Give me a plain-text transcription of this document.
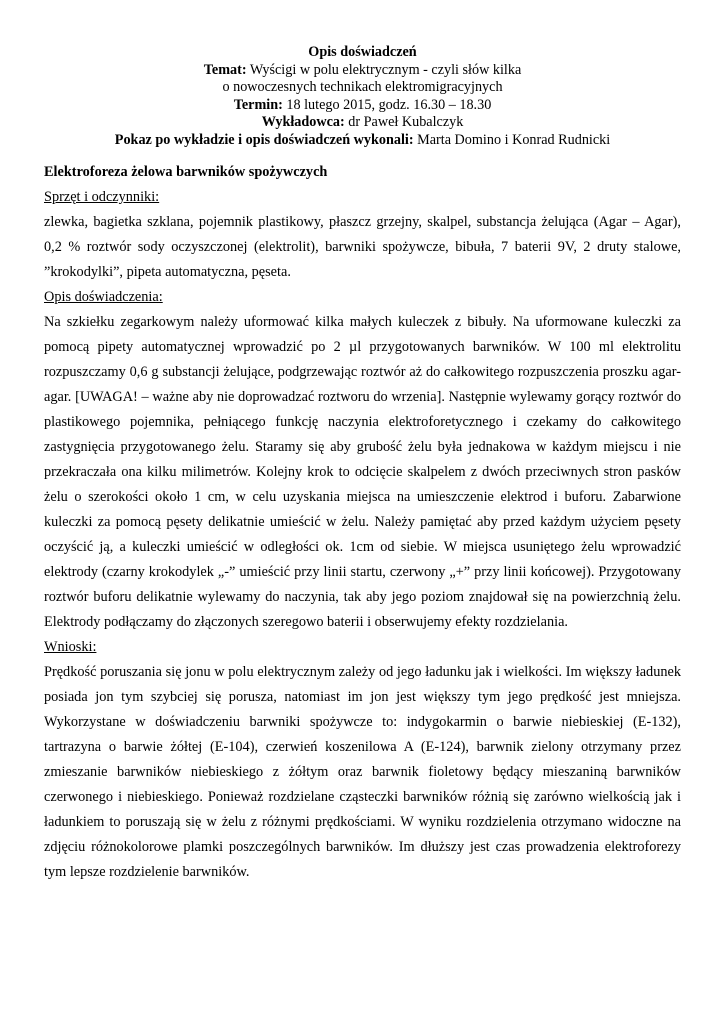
Opis doświadczeń

Temat: Wyścigi w polu elektrycznym - czyli słów kilka

o nowoczesnych technikach elektromigracyjnych

Termin: 18 lutego 2015, godz. 16.30 – 18.30

Wykładowca: dr Paweł Kubalczyk

Pokaz po wykładzie i opis doświadczeń wykonali: Marta Domino i Konrad Rudnicki

Elektroforeza żelowa barwników spożywczych

Sprzęt i odczynniki:

zlewka, bagietka szklana, pojemnik plastikowy, płaszcz grzejny, skalpel, substancja żelująca (Agar – Agar), 0,2 % roztwór sody oczyszczonej (elektrolit), barwniki spożywcze, bibuła, 7 baterii 9V, 2 druty stalowe, ”krokodylki”, pipeta automatyczna, pęseta.

Opis doświadczenia:

Na szkiełku zegarkowym należy uformować kilka małych kuleczek z bibuły. Na uformowane kuleczki za pomocą pipety automatycznej wprowadzić po 2 µl przygotowanych barwników. W 100 ml elektrolitu rozpuszczamy 0,6 g substancji żelujące, podgrzewając roztwór aż do całkowitego rozpuszczenia proszku agar-agar. [UWAGA! – ważne aby nie doprowadzać roztworu do wrzenia]. Następnie wylewamy gorący roztwór do plastikowego pojemnika, pełniącego funkcję naczynia elektroforetycznego i czekamy do całkowitego zastygnięcia przygotowanego żelu. Staramy się aby grubość żelu była jednakowa w każdym miejscu i nie przekraczała ona kilku milimetrów. Kolejny krok to odcięcie skalpelem z dwóch przeciwnych stron pasków żelu o szerokości około 1 cm, w celu uzyskania miejsca na umieszczenie elektrod i buforu. Zabarwione kuleczki za pomocą pęsety delikatnie umieścić w żelu. Należy pamiętać aby przed każdym użyciem pęsety oczyścić ją, a kuleczki umieścić w odległości ok. 1cm od siebie. W miejsca usuniętego żelu wprowadzić elektrody (czarny krokodylek „-” umieścić przy linii startu, czerwony „+” przy linii końcowej). Przygotowany roztwór buforu delikatnie wylewamy do naczynia, tak aby jego poziom znajdował się na powierzchnią żelu. Elektrody podłączamy do złączonych szeregowo baterii i obserwujemy efekty rozdzielania.

Wnioski:

Prędkość poruszania się jonu w polu elektrycznym zależy od jego ładunku jak i wielkości. Im większy ładunek posiada jon tym szybciej się porusza, natomiast im jon jest większy tym jego prędkość jest mniejsza. Wykorzystane w doświadczeniu barwniki spożywcze to: indygokarmin o barwie niebieskiej (E-132), tartrazyna o barwie żółtej (E-104), czerwień koszenilowa A (E-124), barwnik zielony otrzymany przez zmieszanie barwników niebieskiego z żółtym oraz barwnik fioletowy będący mieszaniną barwników czerwonego i niebieskiego. Ponieważ rozdzielane cząsteczki barwników różnią się zarówno wielkością jak i ładunkiem to poruszają się w żelu z różnymi prędkościami. W wyniku rozdzielenia otrzymano widoczne na zdjęciu różnokolorowe plamki poszczególnych barwników. Im dłuższy jest czas prowadzenia elektroforezy tym lepsze rozdzielenie barwników.
